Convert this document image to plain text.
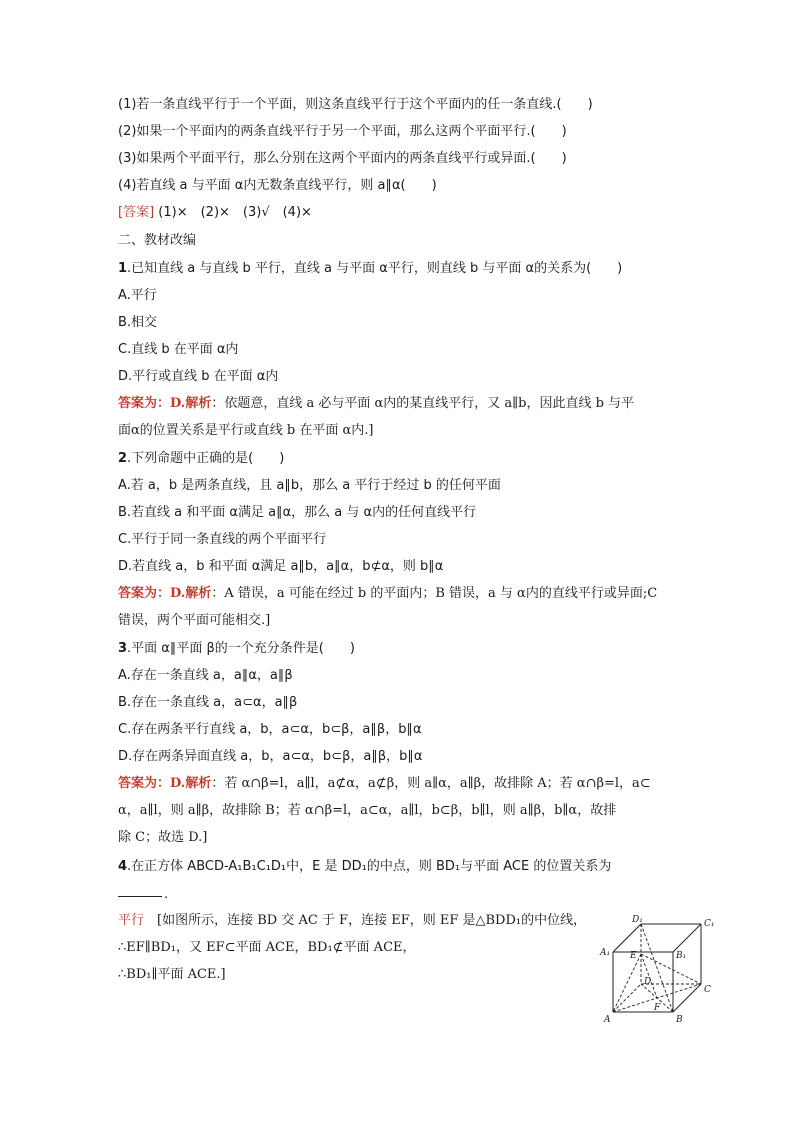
(1)若一条直线平行于一个平面，则这条直线平行于这个平面内的任一条直线.(　　)
(2)如果一个平面内的两条直线平行于另一个平面，那么这两个平面平行.(　　)
(3)如果两个平面平行，那么分别在这两个平面内的两条直线平行或异面.(　　)
(4)若直线 a 与平面 α内无数条直线平行，则 a∥α(　　)
[答案] (1)×　(2)×　(3)√　(4)×
二、教材改编
1.已知直线 a 与直线 b 平行，直线 a 与平面 α平行，则直线 b 与平面 α的关系为(　　)
A.平行
B.相交
C.直线 b 在平面 α内
D.平行或直线 b 在平面 α内
答案为：D.解析：依题意，直线 a 必与平面 α内的某直线平行，又 a∥b，因此直线 b 与平
面α的位置关系是平行或直线 b 在平面 α内.]
2.下列命题中正确的是(　　)
A.若 a，b 是两条直线，且 a∥b，那么 a 平行于经过 b 的任何平面
B.若直线 a 和平面 α满足 a∥α，那么 a 与 α内的任何直线平行
C.平行于同一条直线的两个平面平行
D.若直线 a，b 和平面 α满足 a∥b，a∥α，b⊄α，则 b∥α
答案为：D.解析：A 错误，a 可能在经过 b 的平面内；B 错误，a 与 α内的直线平行或异面;C
错误，两个平面可能相交.]
3.平面 α∥平面 β的一个充分条件是(　　)
A.存在一条直线 a，a∥α，a∥β
B.存在一条直线 a，a⊂α，a∥β
C.存在两条平行直线 a，b，a⊂α，b⊂β，a∥β，b∥α
D.存在两条异面直线 a，b，a⊂α，b⊂β，a∥β，b∥α
答案为：D.解析：若 α∩β=l，a∥l，a⊄α，a⊄β，则 a∥α，a∥β，故排除 A；若 α∩β=l，a⊂
α，a∥l，则 a∥β，故排除 B；若 α∩β=l，a⊂α，a∥l，b⊂β，b∥l，则 a∥β，b∥α，故排
除 C；故选 D.]
4.在正方体 ABCD-A₁B₁C₁D₁中，E 是 DD₁的中点，则 BD₁与平面 ACE 的位置关系为
.
平行　[如图所示，连接 BD 交 AC 于 F，连接 EF，则 EF 是△BDD₁的中位线，
∴EF∥BD₁，又 EF⊂平面 ACE，BD₁⊄平面 ACE，
∴BD₁∥平面 ACE.]
D₁	C₁
A₁	B₁
E
D
C
A
F
B
